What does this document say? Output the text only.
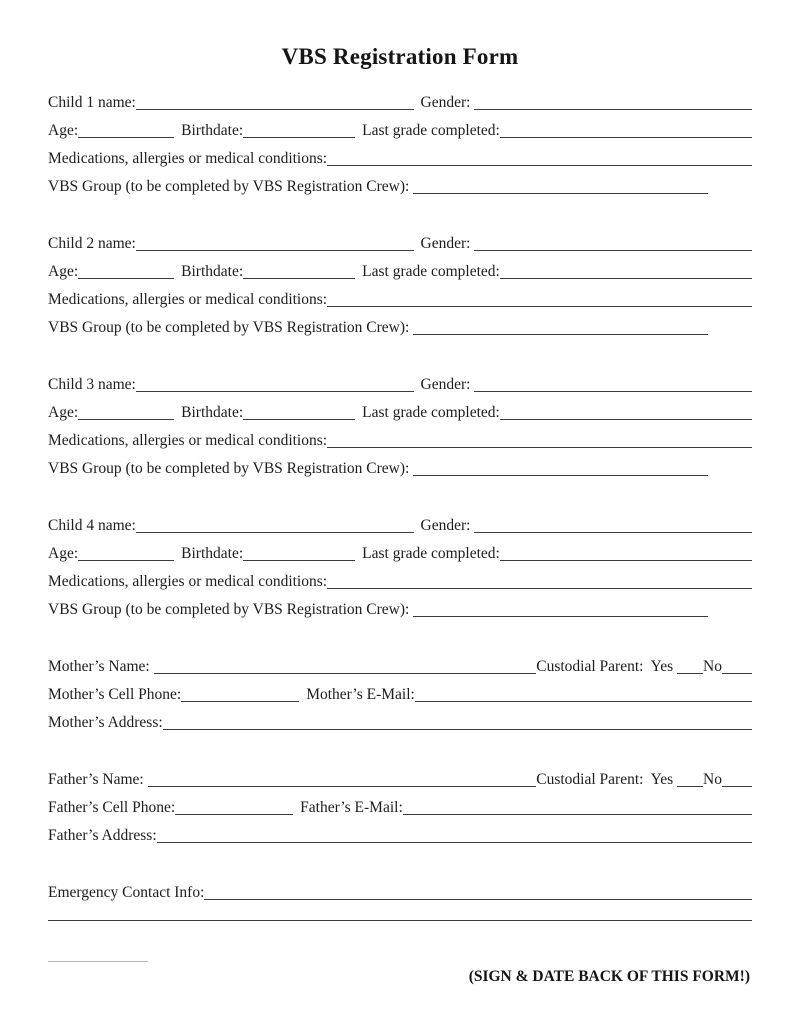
VBS Registration Form
Child 1 name:	Gender:
Age:	Birthdate:	Last grade completed:
Medications, allergies or medical conditions:
VBS Group (to be completed by VBS Registration Crew):
Child 2 name:	Gender:
Age:	Birthdate:	Last grade completed:
Medications, allergies or medical conditions:
VBS Group (to be completed by VBS Registration Crew):
Child 3 name:	Gender:
Age:	Birthdate:	Last grade completed:
Medications, allergies or medical conditions:
VBS Group (to be completed by VBS Registration Crew):
Child 4 name:	Gender:
Age:	Birthdate:	Last grade completed:
Medications, allergies or medical conditions:
VBS Group (to be completed by VBS Registration Crew):
Mother’s Name:	Custodial Parent:  Yes No
Mother’s Cell Phone:	Mother’s E-Mail:
Mother’s Address:
Father’s Name:	Custodial Parent:  Yes No
Father’s Cell Phone:	Father’s E-Mail:
Father’s Address:
Emergency Contact Info:
(SIGN & DATE BACK OF THIS FORM!)
